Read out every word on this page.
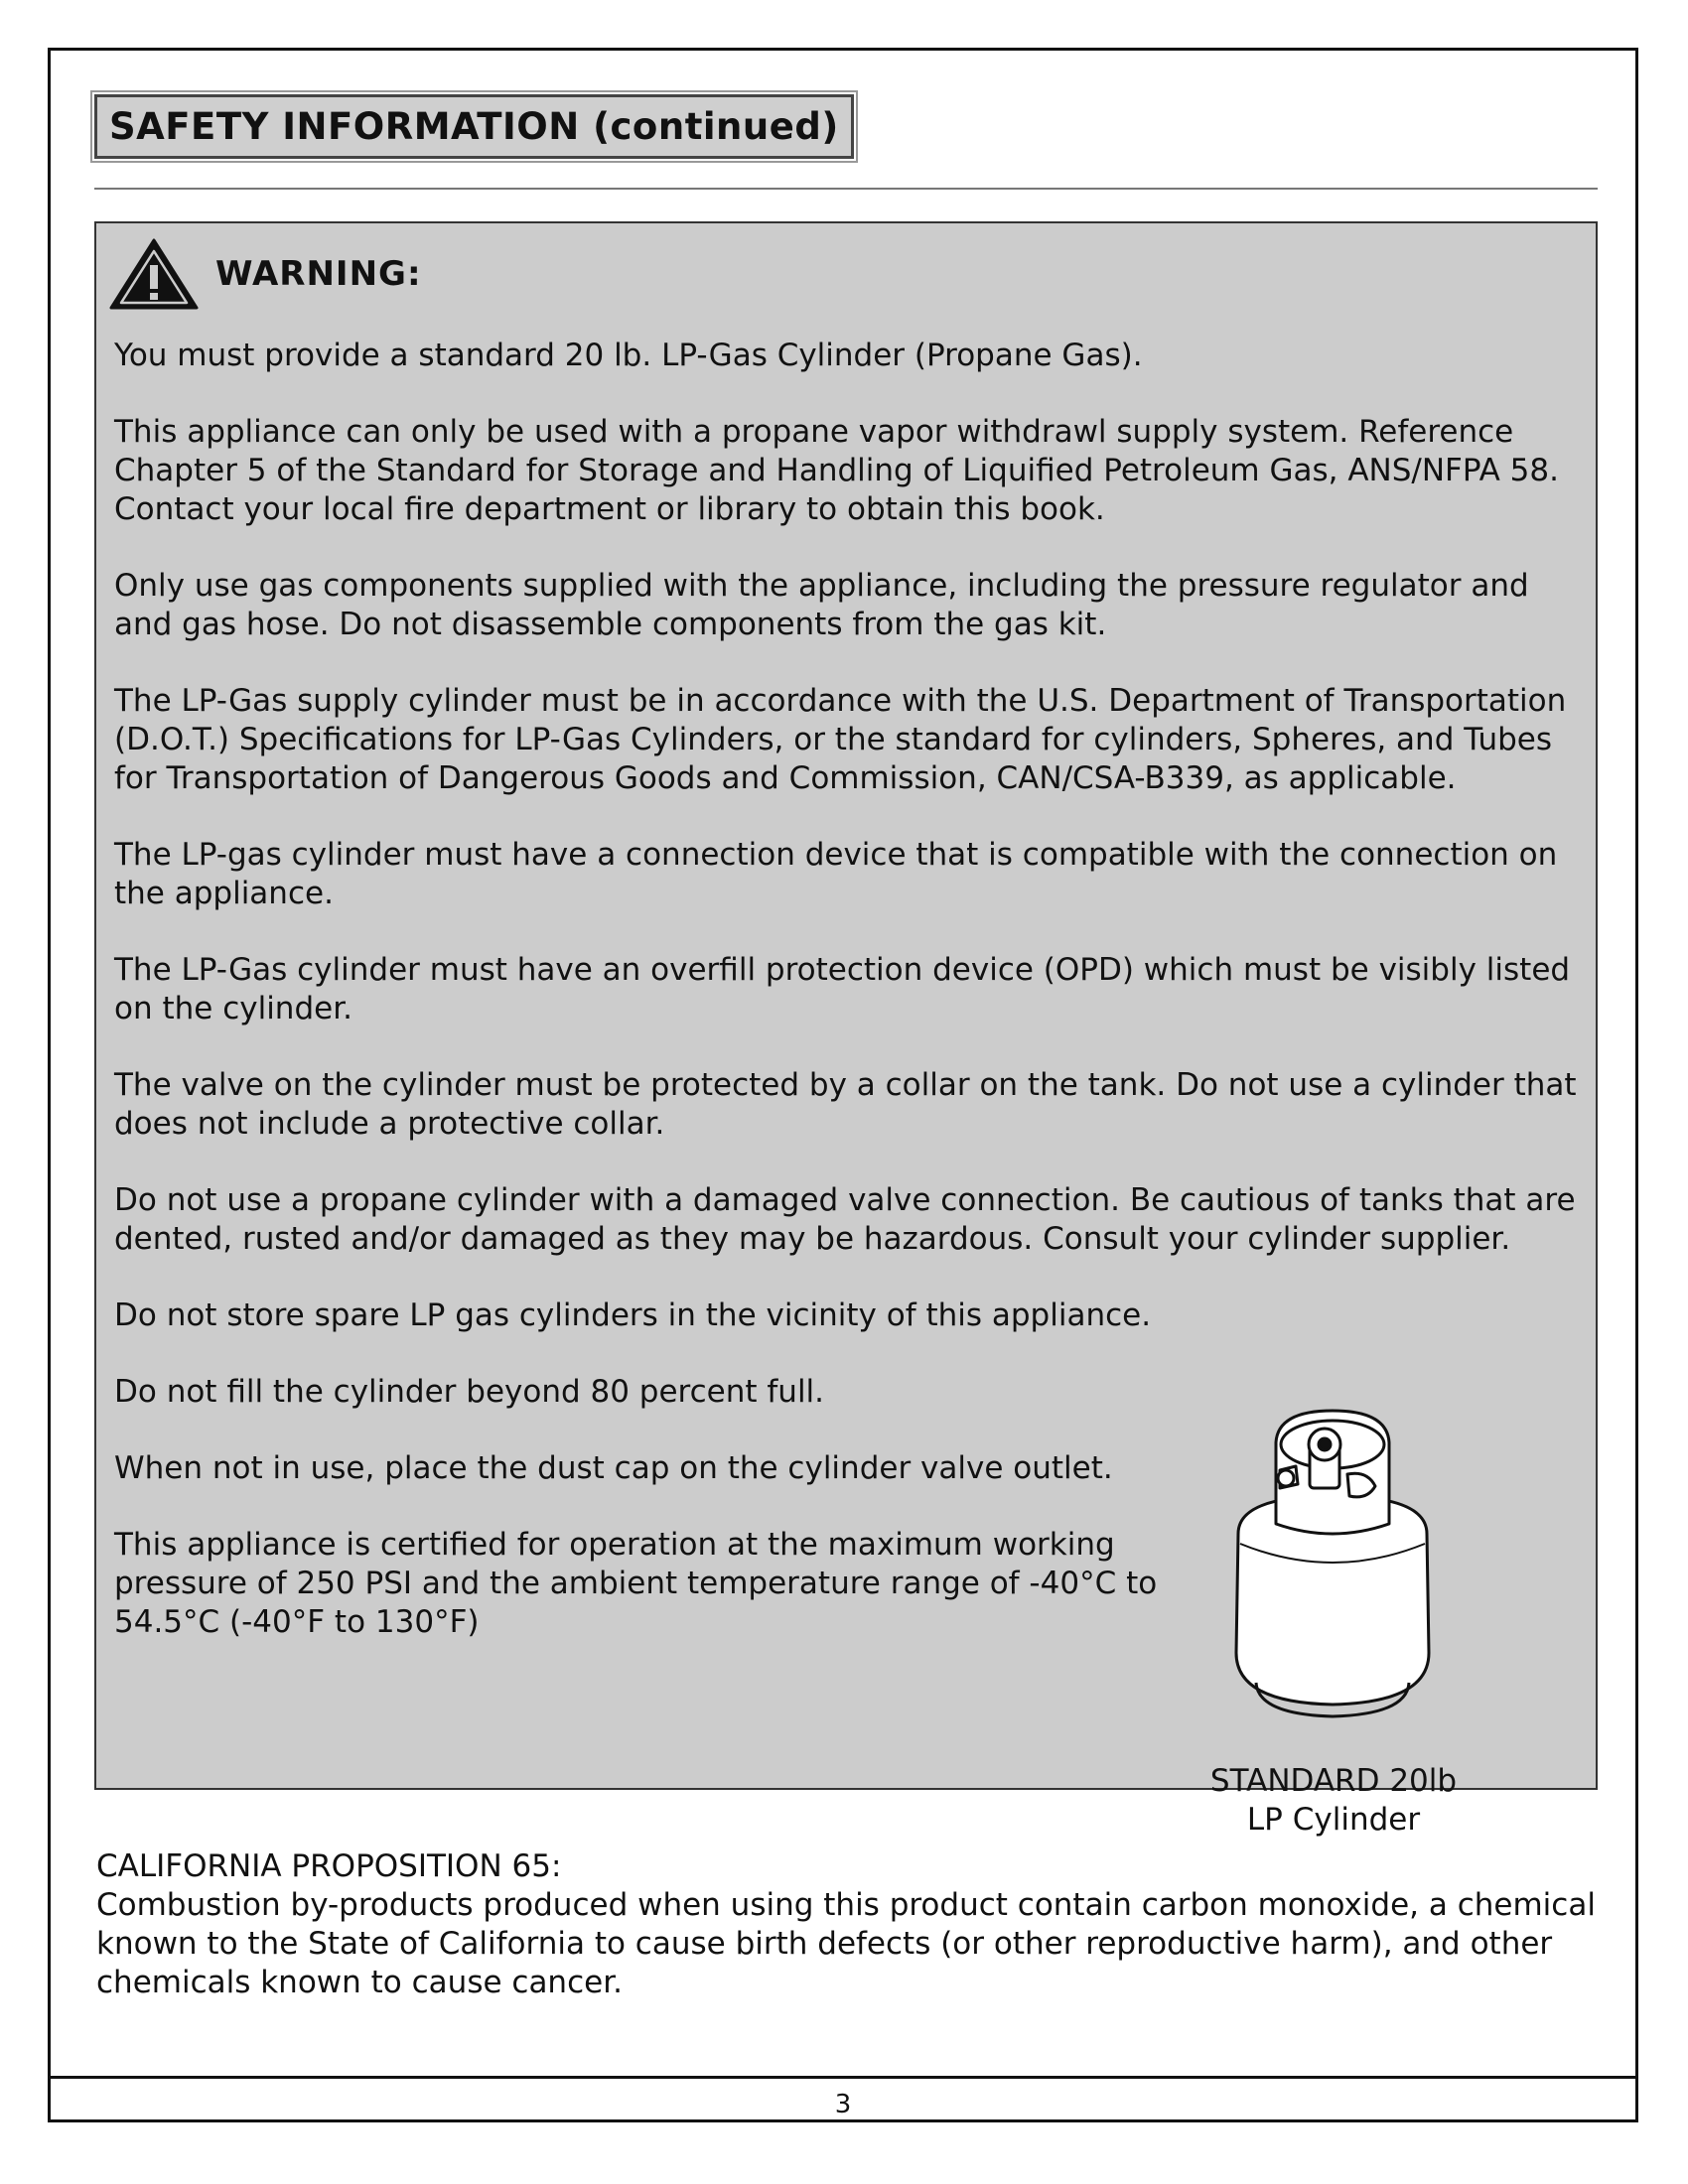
SAFETY INFORMATION (continued)
WARNING:

You must provide a standard 20 lb. LP-Gas Cylinder (Propane Gas).

This appliance can only be used with a propane vapor withdrawl supply system. Reference Chapter 5 of the Standard for Storage and Handling of Liquified Petroleum Gas, ANS/NFPA 58. Contact your local fire department or library to obtain this book.

Only use gas components supplied with the appliance, including the pressure regulator and and gas hose. Do not disassemble components from the gas kit.

The LP-Gas supply cylinder must be in accordance with the U.S. Department of Transportation (D.O.T.) Specifications for LP-Gas Cylinders, or the standard for cylinders, Spheres, and Tubes for Transportation of Dangerous Goods and Commission, CAN/CSA-B339, as applicable.

The LP-gas cylinder must have a connection device that is compatible with the connection on the appliance.

The LP-Gas cylinder must have an overfill protection device (OPD) which must be visibly listed on the cylinder.

The valve on the cylinder must be protected by a collar on the tank. Do not use a cylinder that does not include a protective collar.

Do not use a propane cylinder with a damaged valve connection. Be cautious of tanks that are dented, rusted and/or damaged as they may be hazardous. Consult your cylinder supplier.

Do not store spare LP gas cylinders in the vicinity of this appliance.

Do not fill the cylinder beyond 80 percent full.

When not in use, place the dust cap on the cylinder valve outlet.

This appliance is certified for operation at the maximum working pressure of 250 PSI and the ambient temperature range of -40°C to 54.5°C (-40°F to 130°F)

STANDARD 20lb
LP Cylinder

CALIFORNIA PROPOSITION 65:

Combustion by-products produced when using this product contain carbon monoxide, a chemical known to the State of California to cause birth defects (or other reproductive harm), and other chemicals known to cause cancer.

3
